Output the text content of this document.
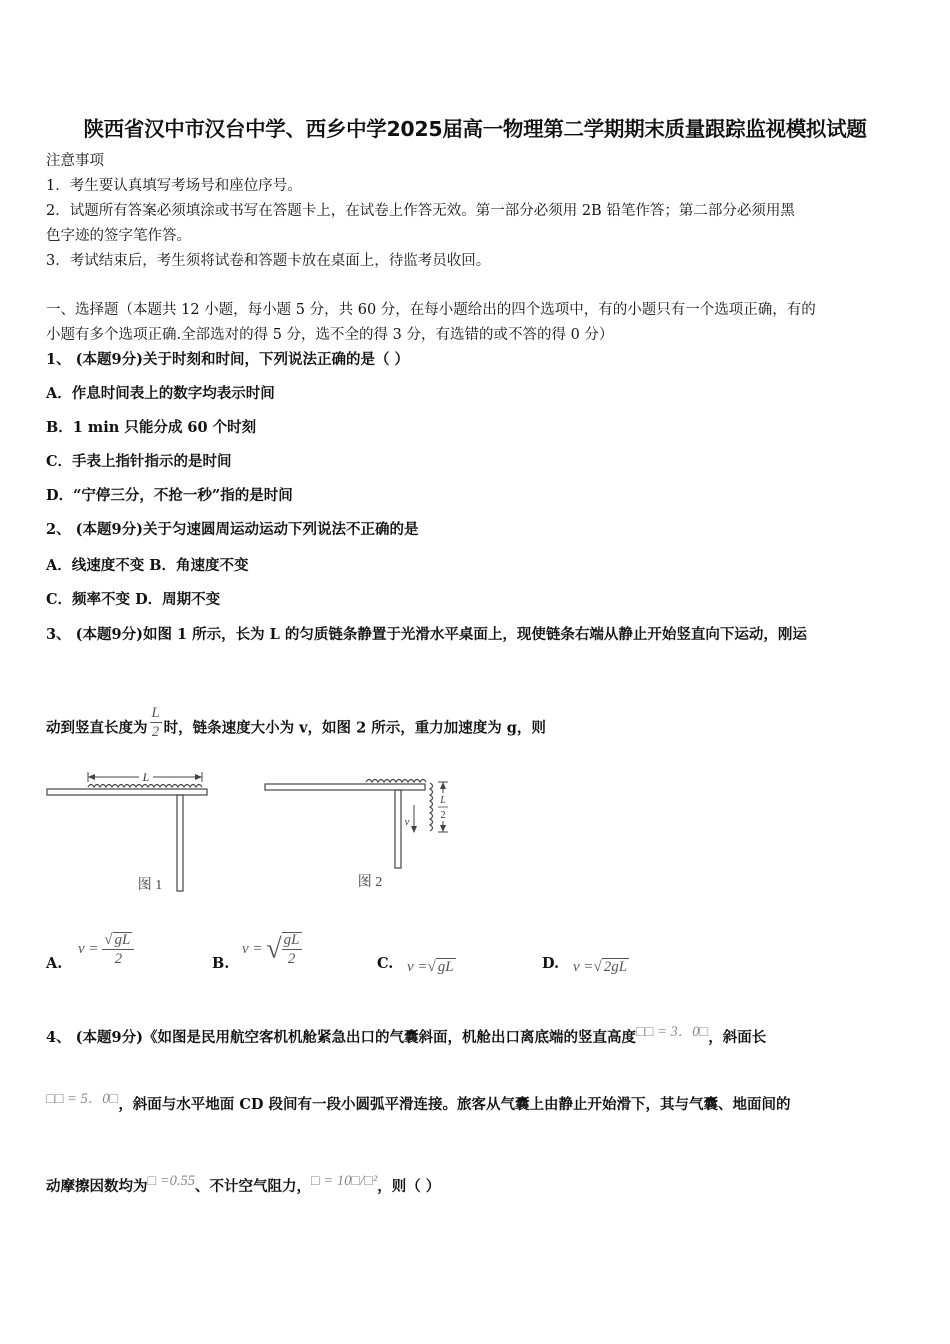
陕西省汉中市汉台中学、西乡中学2025届高一物理第二学期期末质量跟踪监视模拟试题
注意事项
1．考生要认真填写考场号和座位序号。
2．试题所有答案必须填涂或书写在答题卡上，在试卷上作答无效。第一部分必须用 2B 铅笔作答；第二部分必须用黑
色字迹的签字笔作答。
3．考试结束后，考生须将试卷和答题卡放在桌面上，待监考员收回。
一、选择题（本题共 12 小题，每小题 5 分，共 60 分，在每小题给出的四个选项中，有的小题只有一个选项正确，有的
小题有多个选项正确.全部选对的得 5 分，选不全的得 3 分，有选错的或不答的得 0 分）
1、 (本题9分)关于时刻和时间，下列说法正确的是（ ）
A．作息时间表上的数字均表示时间
B．1 min 只能分成 60 个时刻
C．手表上指针指示的是时间
D．“宁停三分，不抢一秒”指的是时间
2、 (本题9分)关于匀速圆周运动运动下列说法不正确的是
A．线速度不变 B．角速度不变
C．频率不变 D．周期不变
3、 (本题9分)如图 1 所示，长为 L 的匀质链条静置于光滑水平桌面上，现使链条右端从静止开始竖直向下运动，刚运
动到竖直长度为 $\frac{L}{2}$ 时，链条速度大小为 v，如图 2 所示，重力加速度为 g，则
L
图 1
v
L
2
图 2
A.
$v = \frac{√ gL}{2}$	B.
v = √ $\frac{gL}{2}$	C. v =√ gL	D. v =√ 2gL
4、 (本题9分)《如图是民用航空客机机舱紧急出口的气囊斜面，机舱出口离底端的竖直高度□□ = 3．0□，斜面长
□□ = 5．0□，斜面与水平地面 CD 段间有一段小圆弧平滑连接。旅客从气囊上由静止开始滑下，其与气囊、地面间的
动摩擦因数均为□ =0.55、不计空气阻力，□ = 10□/□²，则（ ）
